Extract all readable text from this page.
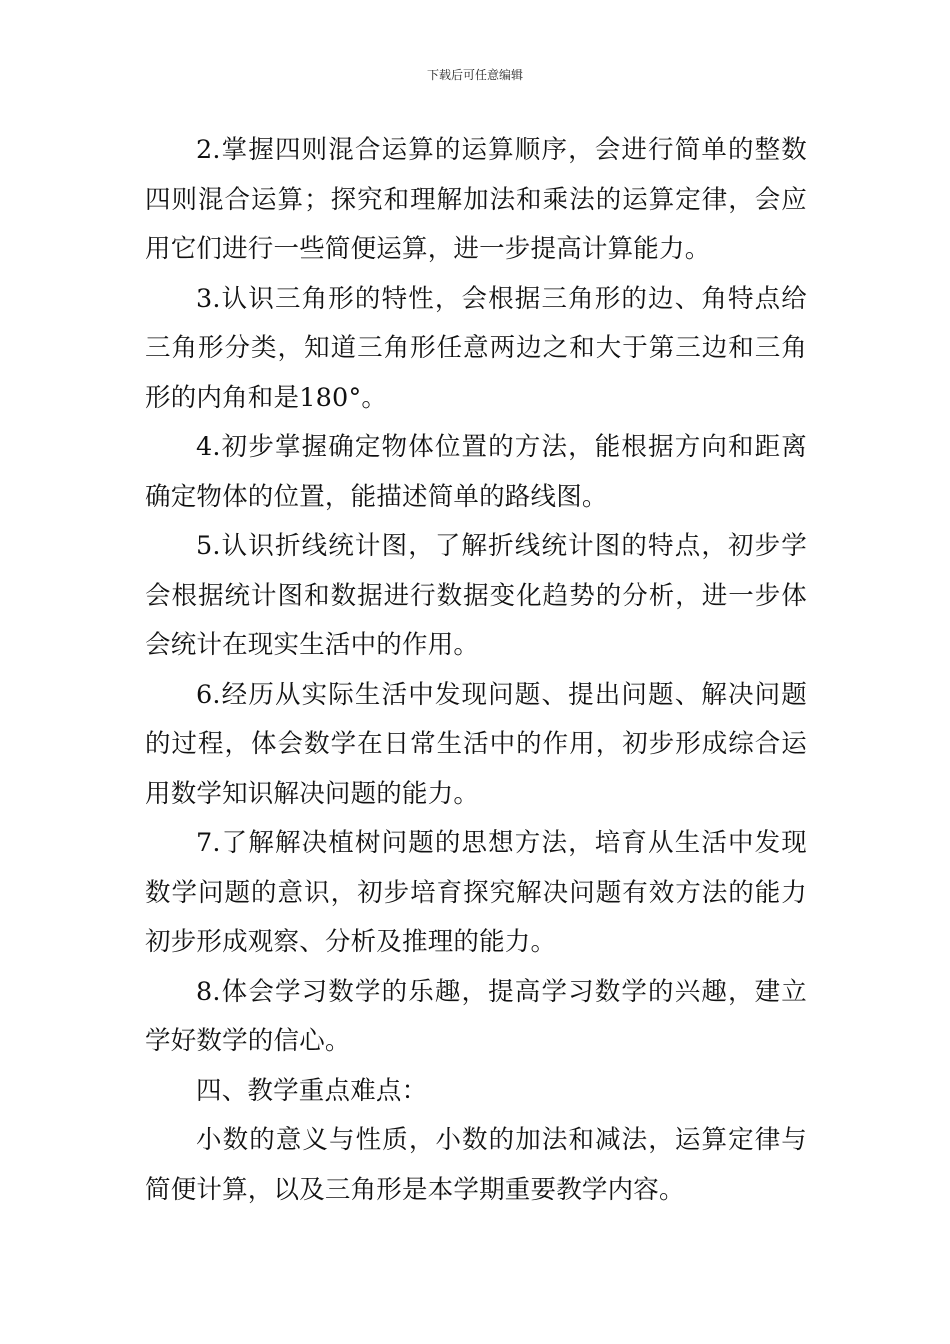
下载后可任意编辑

2.掌握四则混合运算的运算顺序，会进行简单的整数四则混合运算；探究和理解加法和乘法的运算定律，会应用它们进行一些简便运算，进一步提高计算能力。

3.认识三角形的特性，会根据三角形的边、角特点给三角形分类，知道三角形任意两边之和大于第三边和三角形的内角和是180°。

4.初步掌握确定物体位置的方法，能根据方向和距离确定物体的位置，能描述简单的路线图。

5.认识折线统计图，了解折线统计图的特点，初步学会根据统计图和数据进行数据变化趋势的分析，进一步体会统计在现实生活中的作用。

6.经历从实际生活中发现问题、提出问题、解决问题的过程，体会数学在日常生活中的作用，初步形成综合运用数学知识解决问题的能力。

7.了解解决植树问题的思想方法，培育从生活中发现数学问题的意识，初步培育探究解决问题有效方法的能力初步形成观察、分析及推理的能力。

8.体会学习数学的乐趣，提高学习数学的兴趣，建立学好数学的信心。

四、教学重点难点：

小数的意义与性质，小数的加法和减法，运算定律与简便计算，以及三角形是本学期重要教学内容。
